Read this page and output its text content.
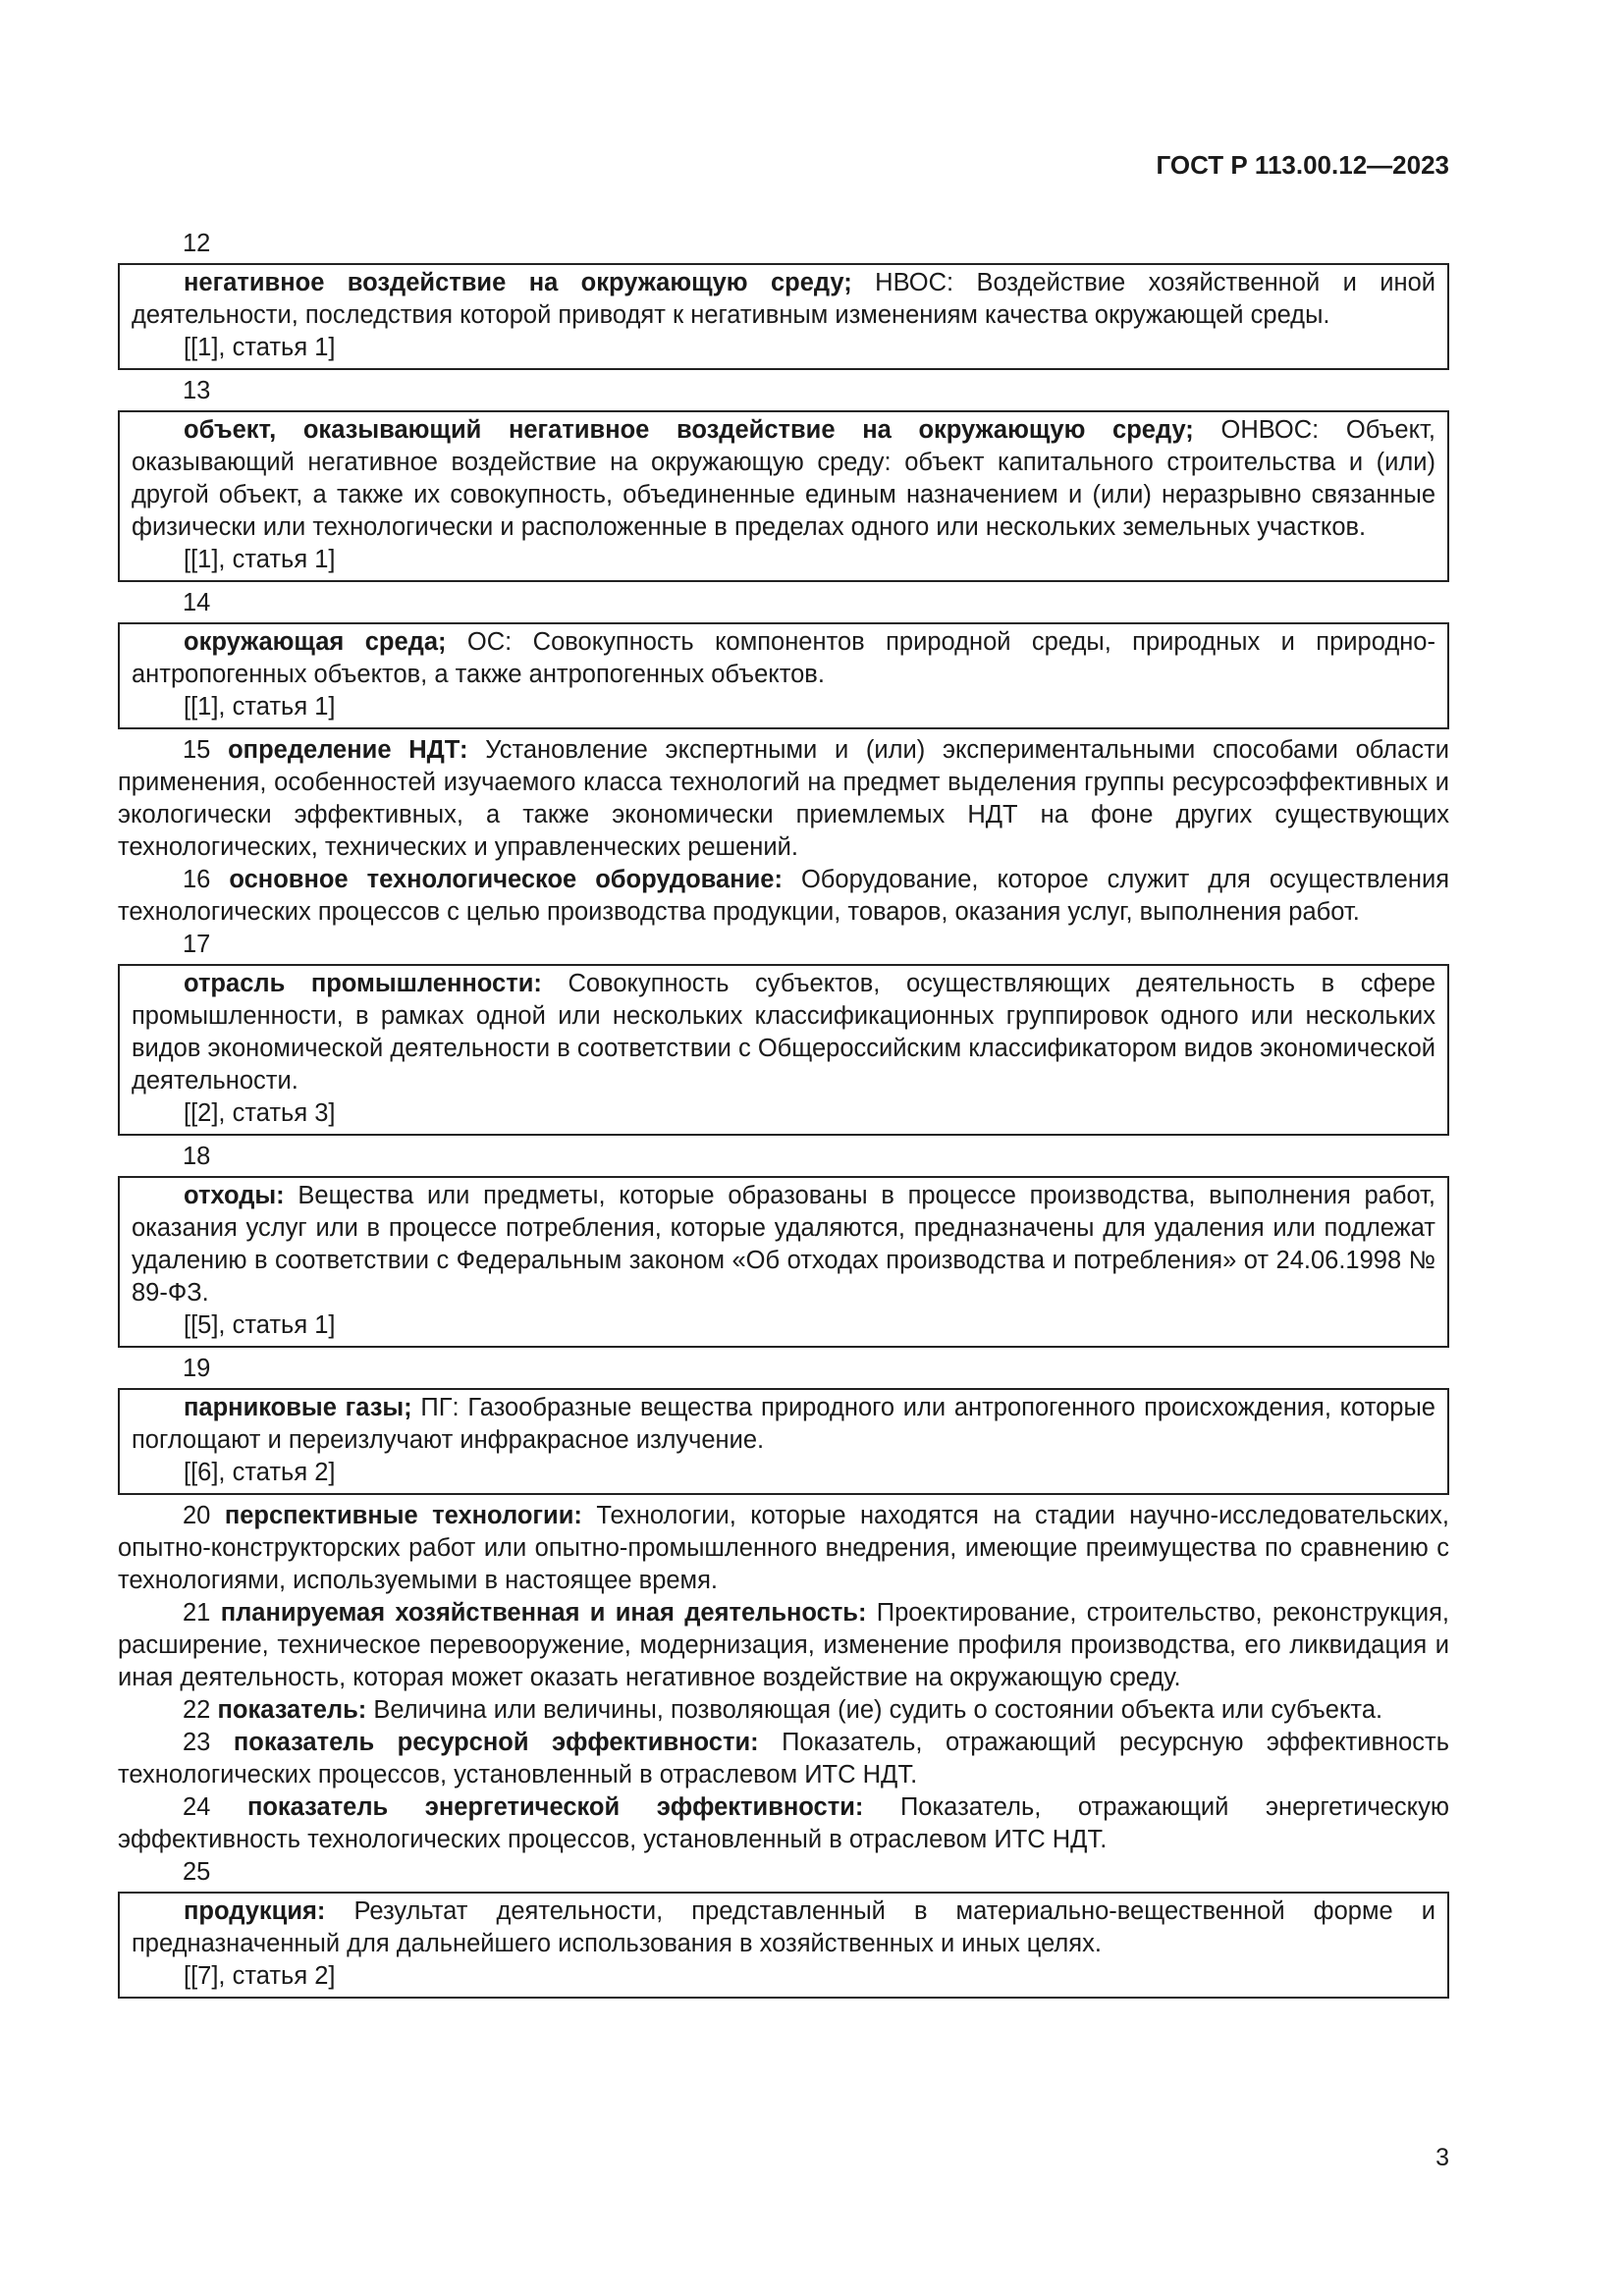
ГОСТ Р 113.00.12—2023
12

негативное воздействие на окружающую среду; НВОС: Воздействие хозяйственной и иной деятельности, последствия которой приводят к негативным изменениям качества окружающей среды.

[[1], статья 1]

13

объект, оказывающий негативное воздействие на окружающую среду; ОНВОС: Объект, оказывающий негативное воздействие на окружающую среду: объект капитального строительства и (или) другой объект, а также их совокупность, объединенные единым назначением и (или) неразрывно связанные физически или технологически и расположенные в пределах одного или нескольких земельных участков.

[[1], статья 1]

14

окружающая среда; ОС: Совокупность компонентов природной среды, природных и природно-антропогенных объектов, а также антропогенных объектов.

[[1], статья 1]

15 определение НДТ: Установление экспертными и (или) экспериментальными способами области применения, особенностей изучаемого класса технологий на предмет выделения группы ресурсоэффективных и экологически эффективных, а также экономически приемлемых НДТ на фоне других существующих технологических, технических и управленческих решений.

16 основное технологическое оборудование: Оборудование, которое служит для осуществления технологических процессов с целью производства продукции, товаров, оказания услуг, выполнения работ.

17

отрасль промышленности: Совокупность субъектов, осуществляющих деятельность в сфере промышленности, в рамках одной или нескольких классификационных группировок одного или нескольких видов экономической деятельности в соответствии с Общероссийским классификатором видов экономической деятельности.

[[2], статья 3]

18

отходы: Вещества или предметы, которые образованы в процессе производства, выполнения работ, оказания услуг или в процессе потребления, которые удаляются, предназначены для удаления или подлежат удалению в соответствии с Федеральным законом «Об отходах производства и потребления» от 24.06.1998 № 89-ФЗ.

[[5], статья 1]

19

парниковые газы; ПГ: Газообразные вещества природного или антропогенного происхождения, которые поглощают и переизлучают инфракрасное излучение.

[[6], статья 2]

20 перспективные технологии: Технологии, которые находятся на стадии научно-исследовательских, опытно-конструкторских работ или опытно-промышленного внедрения, имеющие преимущества по сравнению с технологиями, используемыми в настоящее время.

21 планируемая хозяйственная и иная деятельность: Проектирование, строительство, реконструкция, расширение, техническое перевооружение, модернизация, изменение профиля производства, его ликвидация и иная деятельность, которая может оказать негативное воздействие на окружающую среду.

22 показатель: Величина или величины, позволяющая (ие) судить о состоянии объекта или субъекта.

23 показатель ресурсной эффективности: Показатель, отражающий ресурсную эффективность технологических процессов, установленный в отраслевом ИТС НДТ.

24 показатель энергетической эффективности: Показатель, отражающий энергетическую эффективность технологических процессов, установленный в отраслевом ИТС НДТ.

25

продукция: Результат деятельности, представленный в материально-вещественной форме и предназначенный для дальнейшего использования в хозяйственных и иных целях.

[[7], статья 2]

3
